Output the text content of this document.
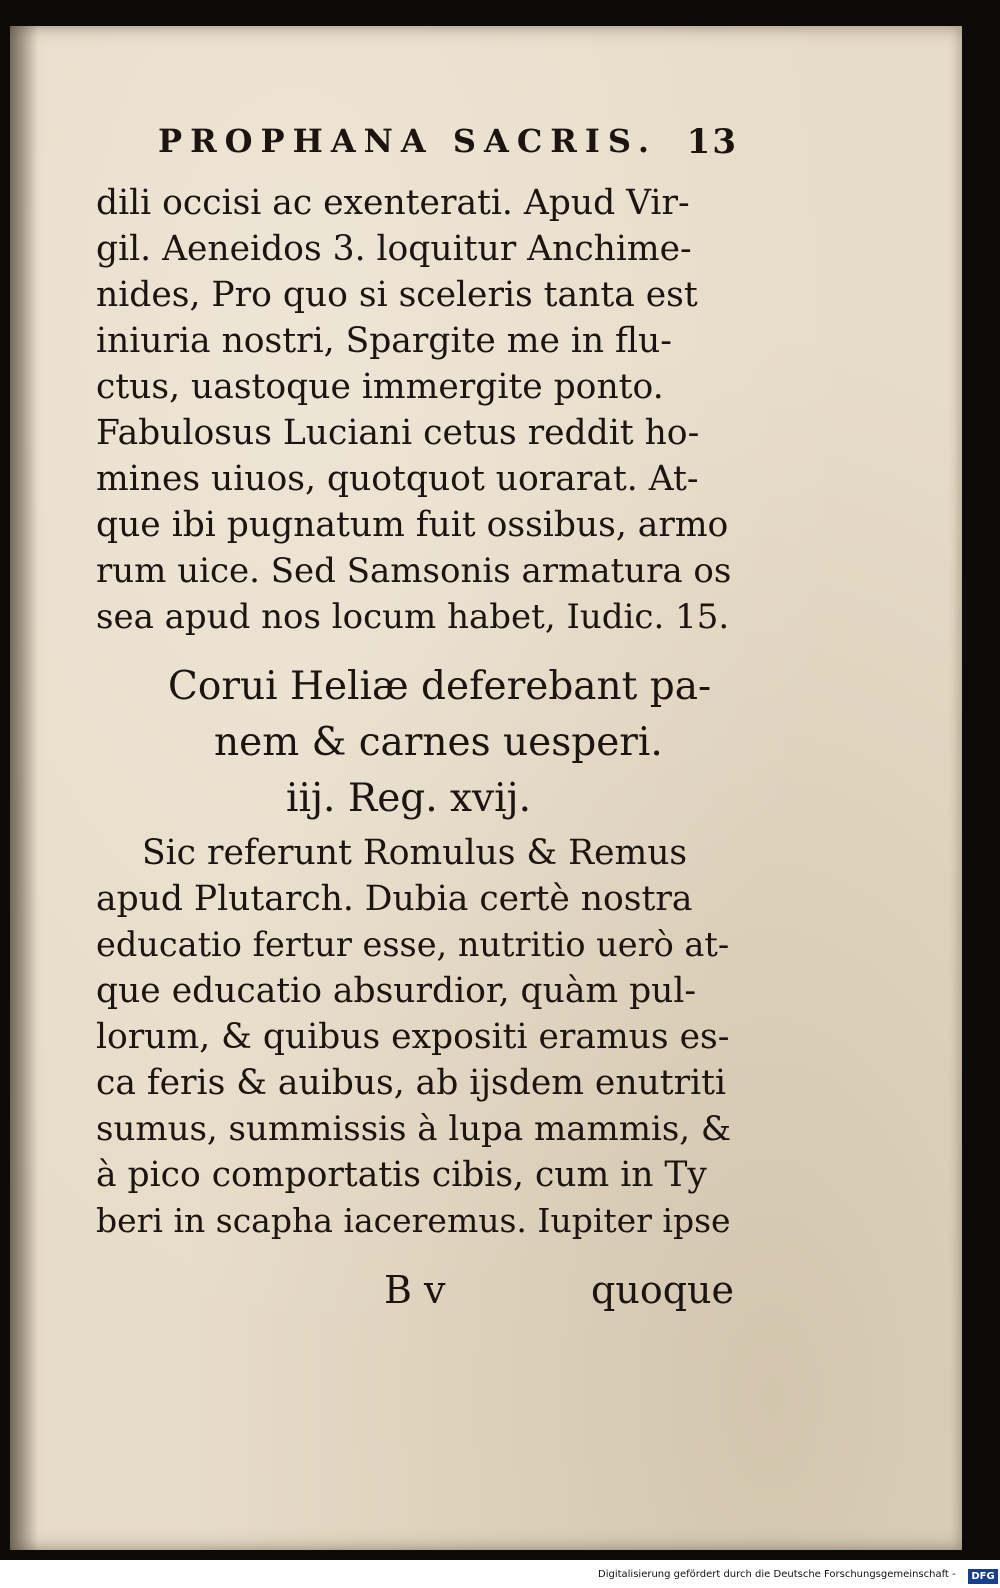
PROPHANA SACRIS. 13
dili occisi ac exenterati. Apud Vir-
gil. Aeneidos 3. loquitur Anchime-
nides, Pro quo si sceleris tanta est
iniuria nostri, Spargite me in flu-
ctus, uastoque immergite ponto.
Fabulosus Luciani cetus reddit ho-
mines uiuos, quotquot uorarat. At-
que ibi pugnatum fuit ossibus, armo
rum uice. Sed Samsonis armatura os
sea apud nos locum habet, Iudic. 15.
Corui Heliæ deferebant pa-
nem & carnes uesperi.
iij. Reg. xvij.
Sic referunt Romulus & Remus
apud Plutarch. Dubia certè nostra
educatio fertur esse, nutritio uerò at-
que educatio absurdior, quàm pul-
lorum, & quibus expositi eramus es-
ca feris & auibus, ab ijsdem enutriti
sumus, summissis à lupa mammis, &
à pico comportatis cibis, cum in Ty
beri in scapha iaceremus. Iupiter ipse
B v	quoque
Digitalisierung gefördert durch die Deutsche Forschungsgemeinschaft -	DFG
